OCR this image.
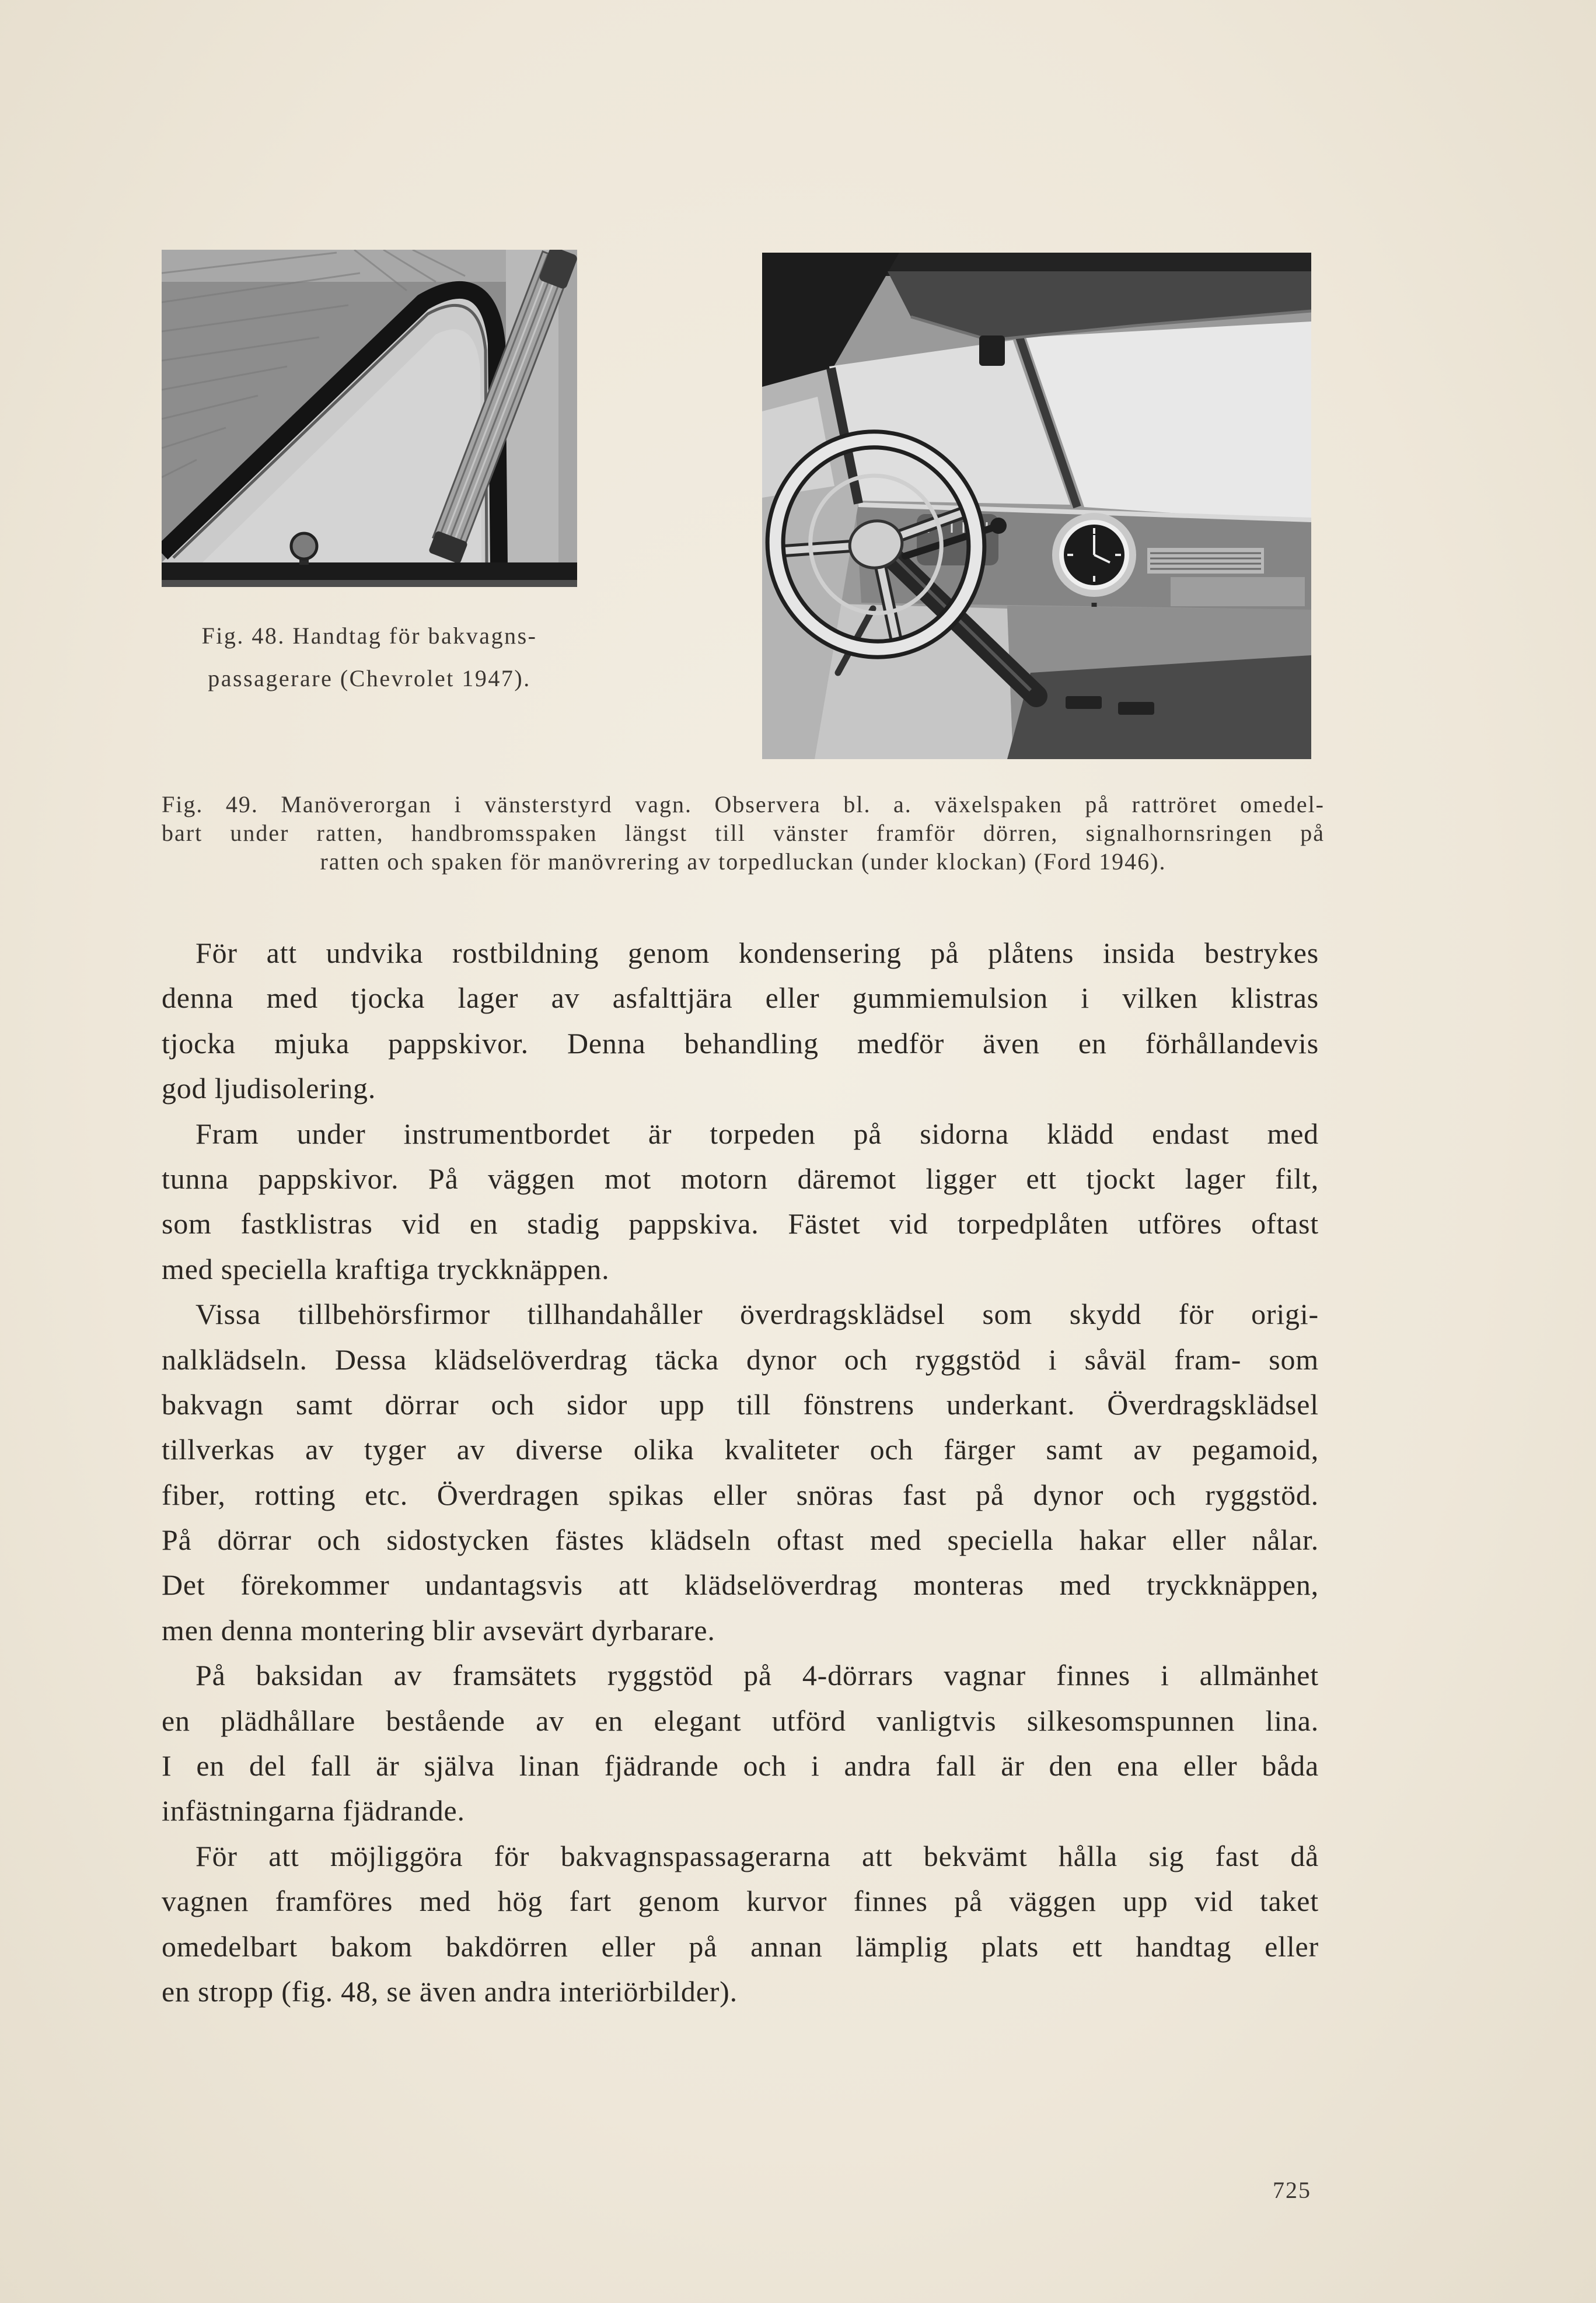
Fig. 48. Handtag för bakvagns-
passagerare (Chevrolet 1947).
Fig. 49. Manöverorgan i vänsterstyrd vagn. Observera bl. a. växelspaken på rattröret omedel-
bart under ratten, handbromsspaken längst till vänster framför dörren, signalhornsringen på
ratten och spaken för manövrering av torpedluckan (under klockan) (Ford 1946).
För att undvika rostbildning genom kondensering på plåtens insida bestrykes
denna med tjocka lager av asfalttjära eller gummiemulsion i vilken klistras
tjocka mjuka pappskivor. Denna behandling medför även en förhållandevis
god ljudisolering.
Fram under instrumentbordet är torpeden på sidorna klädd endast med
tunna pappskivor. På väggen mot motorn däremot ligger ett tjockt lager filt,
som fastklistras vid en stadig pappskiva. Fästet vid torpedplåten utföres oftast
med speciella kraftiga tryckknäppen.
Vissa tillbehörsfirmor tillhandahåller överdragsklädsel som skydd för origi-
nalklädseln. Dessa klädselöverdrag täcka dynor och ryggstöd i såväl fram- som
bakvagn samt dörrar och sidor upp till fönstrens underkant. Överdragsklädsel
tillverkas av tyger av diverse olika kvaliteter och färger samt av pegamoid,
fiber, rotting etc. Överdragen spikas eller snöras fast på dynor och ryggstöd.
På dörrar och sidostycken fästes klädseln oftast med speciella hakar eller nålar.
Det förekommer undantagsvis att klädselöverdrag monteras med tryckknäppen,
men denna montering blir avsevärt dyrbarare.
På baksidan av framsätets ryggstöd på 4-dörrars vagnar finnes i allmänhet
en plädhållare bestående av en elegant utförd vanligtvis silkesomspunnen lina.
I en del fall är själva linan fjädrande och i andra fall är den ena eller båda
infästningarna fjädrande.
För att möjliggöra för bakvagnspassagerarna att bekvämt hålla sig fast då
vagnen framföres med hög fart genom kurvor finnes på väggen upp vid taket
omedelbart bakom bakdörren eller på annan lämplig plats ett handtag eller
en stropp (fig. 48, se även andra interiörbilder).
725
